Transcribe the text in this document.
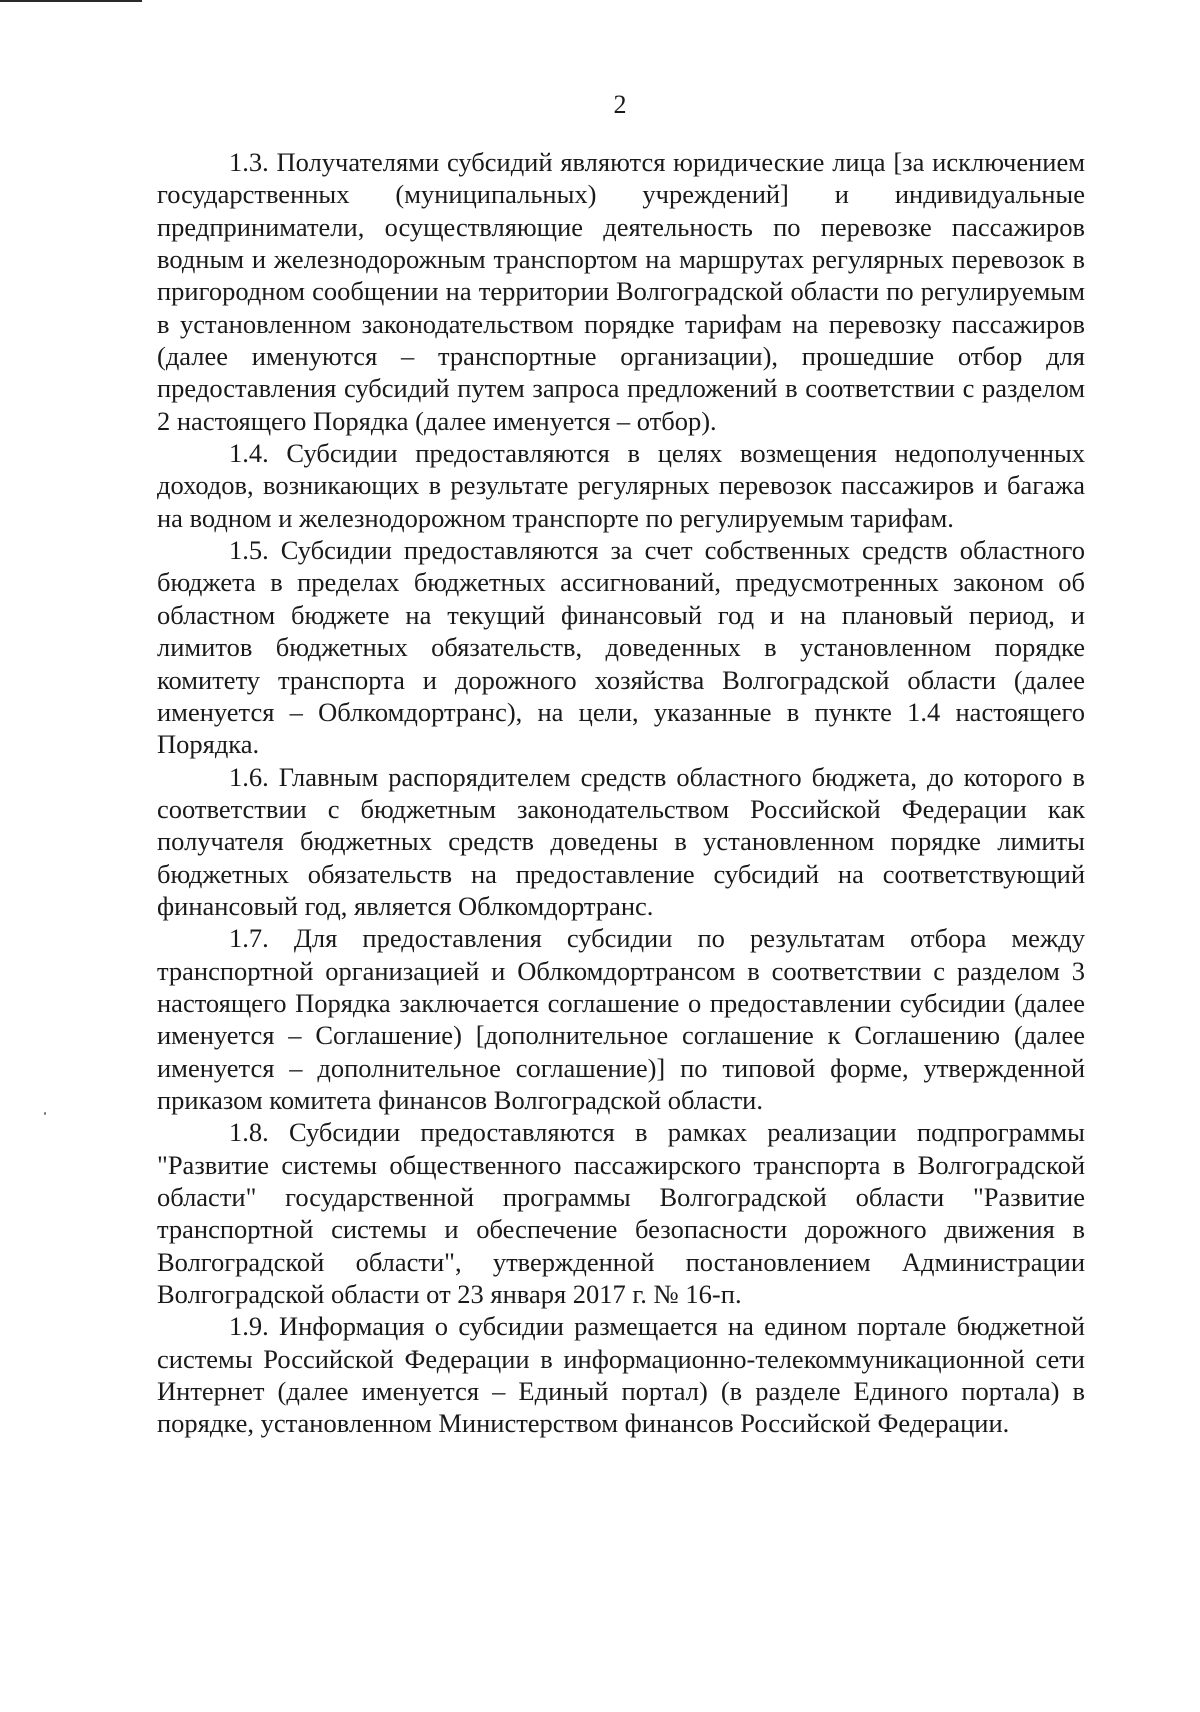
2

1.3. Получателями субсидий являются юридические лица [за исключением государственных (муниципальных) учреждений] и индивидуальные предприниматели, осуществляющие деятельность по перевозке пассажиров водным и железнодорожным транспортом на маршрутах регулярных перевозок в пригородном сообщении на территории Волгоградской области по регулируемым в установленном законодательством порядке тарифам на перевозку пассажиров (далее именуются – транспортные организации), прошедшие отбор для предоставления субсидий путем запроса предложений в соответствии с разделом 2 настоящего Порядка (далее именуется – отбор).

1.4. Субсидии предоставляются в целях возмещения недополученных доходов, возникающих в результате регулярных перевозок пассажиров и багажа на водном и железнодорожном транспорте по регулируемым тарифам.

1.5. Субсидии предоставляются за счет собственных средств областного бюджета в пределах бюджетных ассигнований, предусмотренных законом об областном бюджете на текущий финансовый год и на плановый период, и лимитов бюджетных обязательств, доведенных в установленном порядке комитету транспорта и дорожного хозяйства Волгоградской области (далее именуется – Облкомдортранс), на цели, указанные в пункте 1.4 настоящего Порядка.

1.6. Главным распорядителем средств областного бюджета, до которого в соответствии с бюджетным законодательством Российской Федерации как получателя бюджетных средств доведены в установленном порядке лимиты бюджетных обязательств на предоставление субсидий на соответствующий финансовый год, является Облкомдортранс.

1.7. Для предоставления субсидии по результатам отбора между транспортной организацией и Облкомдортрансом в соответствии с разделом 3 настоящего Порядка заключается соглашение о предоставлении субсидии (далее именуется – Соглашение) [дополнительное соглашение к Соглашению (далее именуется – дополнительное соглашение)] по типовой форме, утвержденной приказом комитета финансов Волгоградской области.

1.8. Субсидии предоставляются в рамках реализации подпрограммы "Развитие системы общественного пассажирского транспорта в Волгоградской области" государственной программы Волгоградской области "Развитие транспортной системы и обеспечение безопасности дорожного движения в Волгоградской области", утвержденной постановлением Администрации Волгоградской области от 23 января 2017 г. № 16-п.

1.9. Информация о субсидии размещается на едином портале бюджетной системы Российской Федерации в информационно-телекоммуникационной сети Интернет (далее именуется – Единый портал) (в разделе Единого портала) в порядке, установленном Министерством финансов Российской Федерации.
